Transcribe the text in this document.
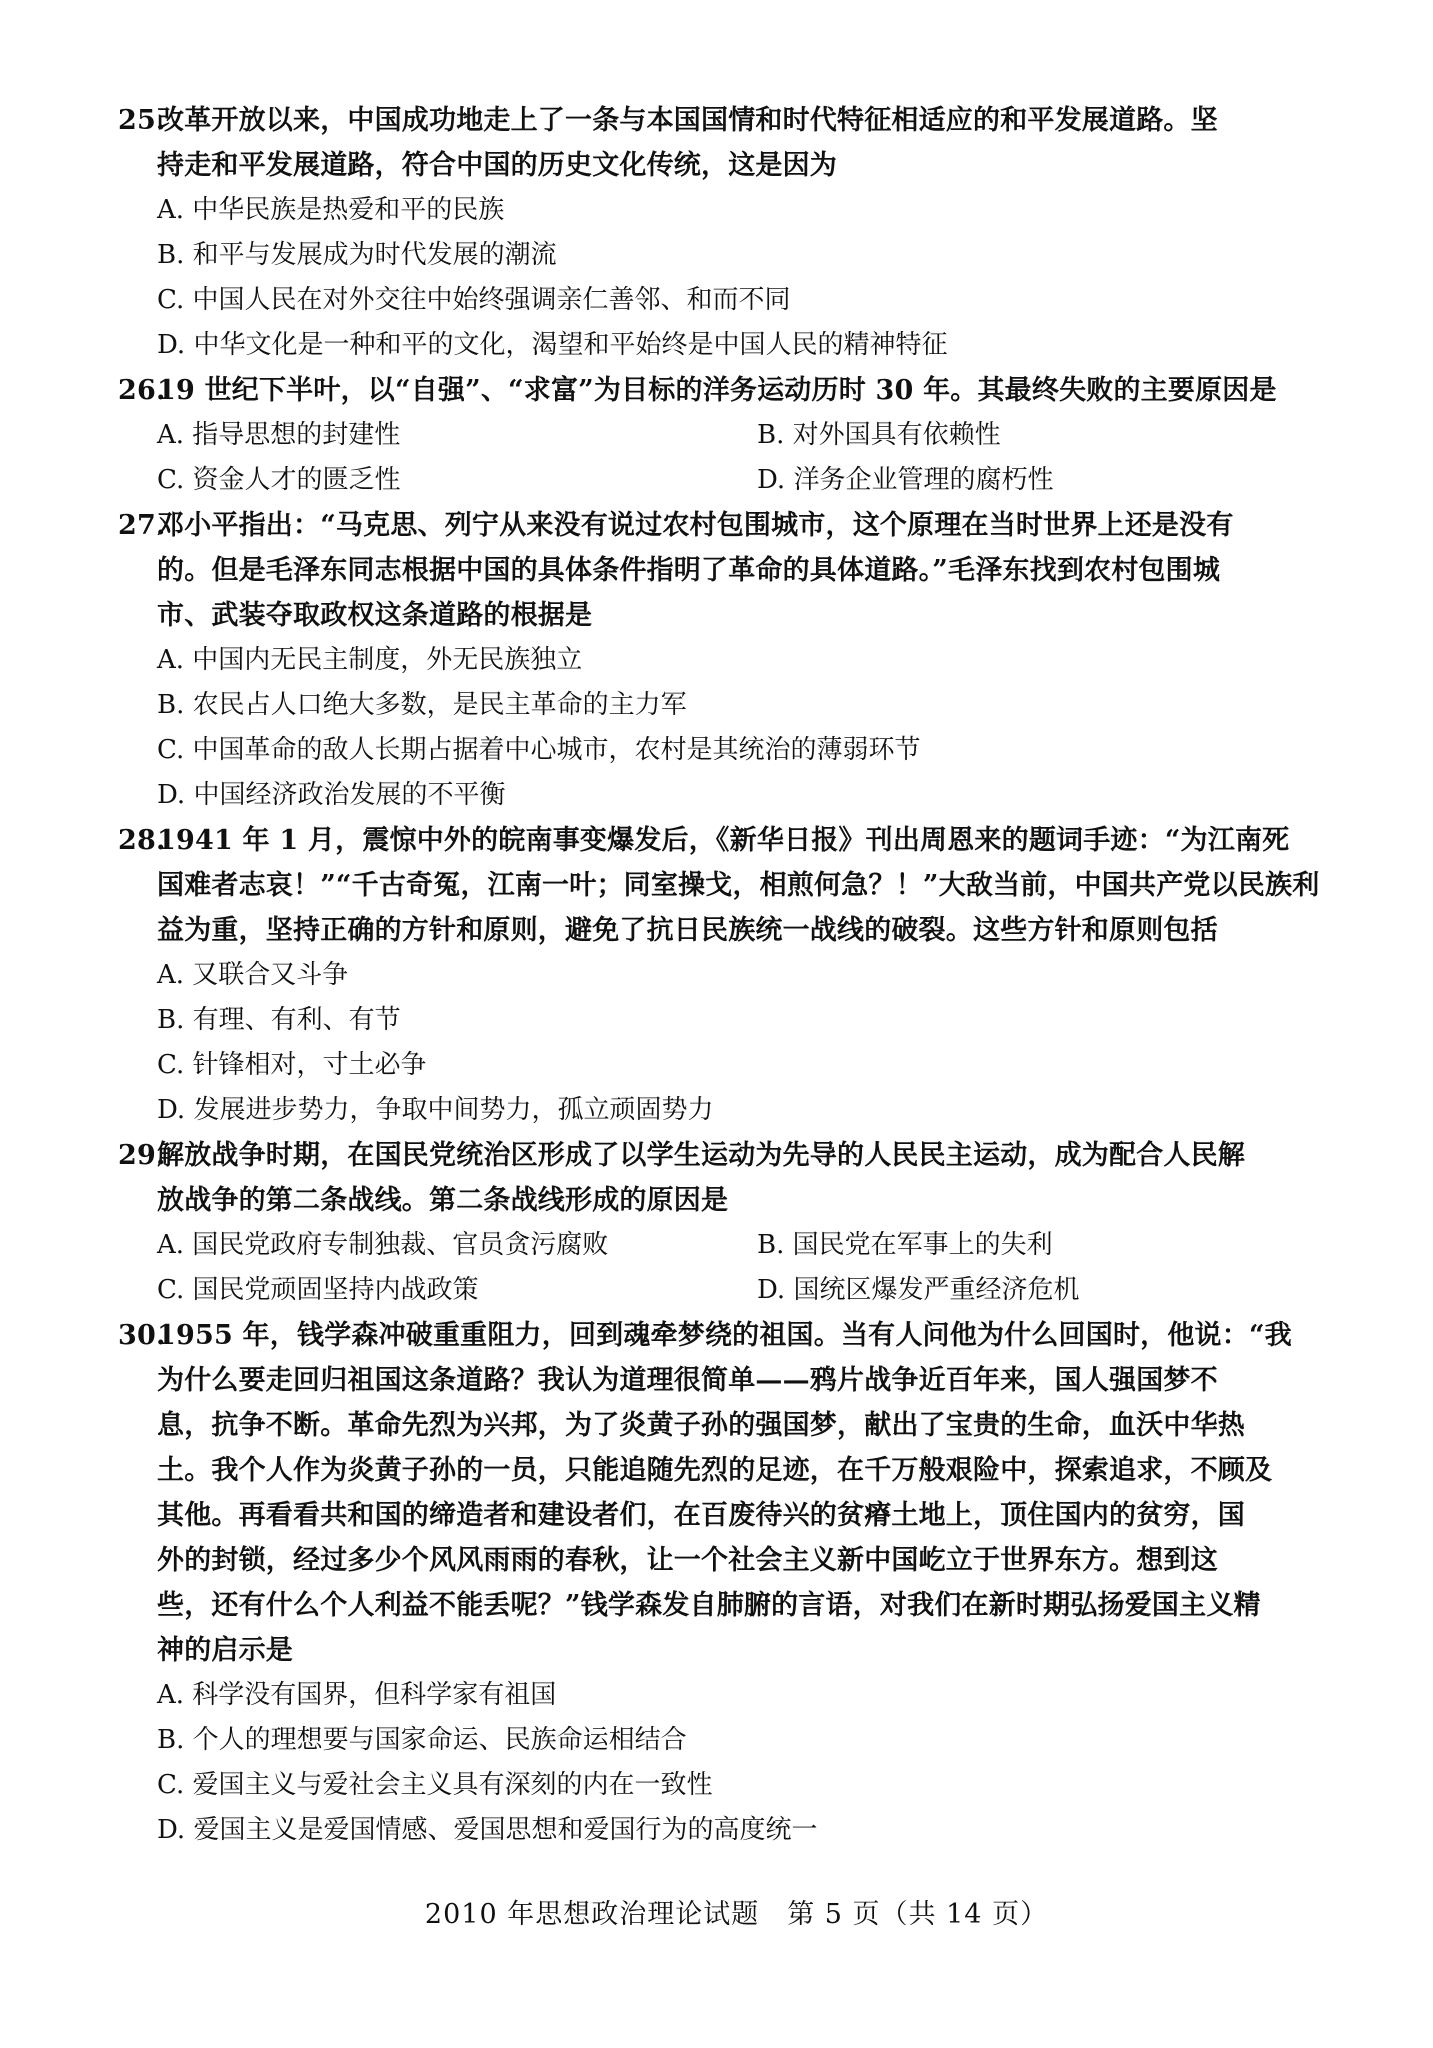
25.改革开放以来，中国成功地走上了一条与本国国情和时代特征相适应的和平发展道路。坚
持走和平发展道路，符合中国的历史文化传统，这是因为
A. 中华民族是热爱和平的民族
B. 和平与发展成为时代发展的潮流
C. 中国人民在对外交往中始终强调亲仁善邻、和而不同
D. 中华文化是一种和平的文化，渴望和平始终是中国人民的精神特征
26.19 世纪下半叶，以“自强”、“求富”为目标的洋务运动历时 30 年。其最终失败的主要原因是
A. 指导思想的封建性	B. 对外国具有依赖性
C. 资金人才的匮乏性	D. 洋务企业管理的腐朽性
27.邓小平指出：“马克思、列宁从来没有说过农村包围城市，这个原理在当时世界上还是没有
的。但是毛泽东同志根据中国的具体条件指明了革命的具体道路。”毛泽东找到农村包围城
市、武装夺取政权这条道路的根据是
A. 中国内无民主制度，外无民族独立
B. 农民占人口绝大多数，是民主革命的主力军
C. 中国革命的敌人长期占据着中心城市，农村是其统治的薄弱环节
D. 中国经济政治发展的不平衡
28.1941 年 1 月，震惊中外的皖南事变爆发后，《新华日报》刊出周恩来的题词手迹：“为江南死
国难者志哀！”“千古奇冤，江南一叶；同室操戈，相煎何急？！”大敌当前，中国共产党以民族利
益为重，坚持正确的方针和原则，避免了抗日民族统一战线的破裂。这些方针和原则包括
A. 又联合又斗争
B. 有理、有利、有节
C. 针锋相对，寸土必争
D. 发展进步势力，争取中间势力，孤立顽固势力
29.解放战争时期，在国民党统治区形成了以学生运动为先导的人民民主运动，成为配合人民解
放战争的第二条战线。第二条战线形成的原因是
A. 国民党政府专制独裁、官员贪污腐败	B. 国民党在军事上的失利
C. 国民党顽固坚持内战政策	D. 国统区爆发严重经济危机
30.1955 年，钱学森冲破重重阻力，回到魂牵梦绕的祖国。当有人问他为什么回国时，他说：“我
为什么要走回归祖国这条道路？我认为道理很简单——鸦片战争近百年来，国人强国梦不
息，抗争不断。革命先烈为兴邦，为了炎黄子孙的强国梦，献出了宝贵的生命，血沃中华热
土。我个人作为炎黄子孙的一员，只能追随先烈的足迹，在千万般艰险中，探索追求，不顾及
其他。再看看共和国的缔造者和建设者们，在百废待兴的贫瘠土地上，顶住国内的贫穷，国
外的封锁，经过多少个风风雨雨的春秋，让一个社会主义新中国屹立于世界东方。想到这
些，还有什么个人利益不能丢呢？”钱学森发自肺腑的言语，对我们在新时期弘扬爱国主义精
神的启示是
A. 科学没有国界，但科学家有祖国
B. 个人的理想要与国家命运、民族命运相结合
C. 爱国主义与爱社会主义具有深刻的内在一致性
D. 爱国主义是爱国情感、爱国思想和爱国行为的高度统一
2010 年思想政治理论试题　第 5 页（共 14 页）
